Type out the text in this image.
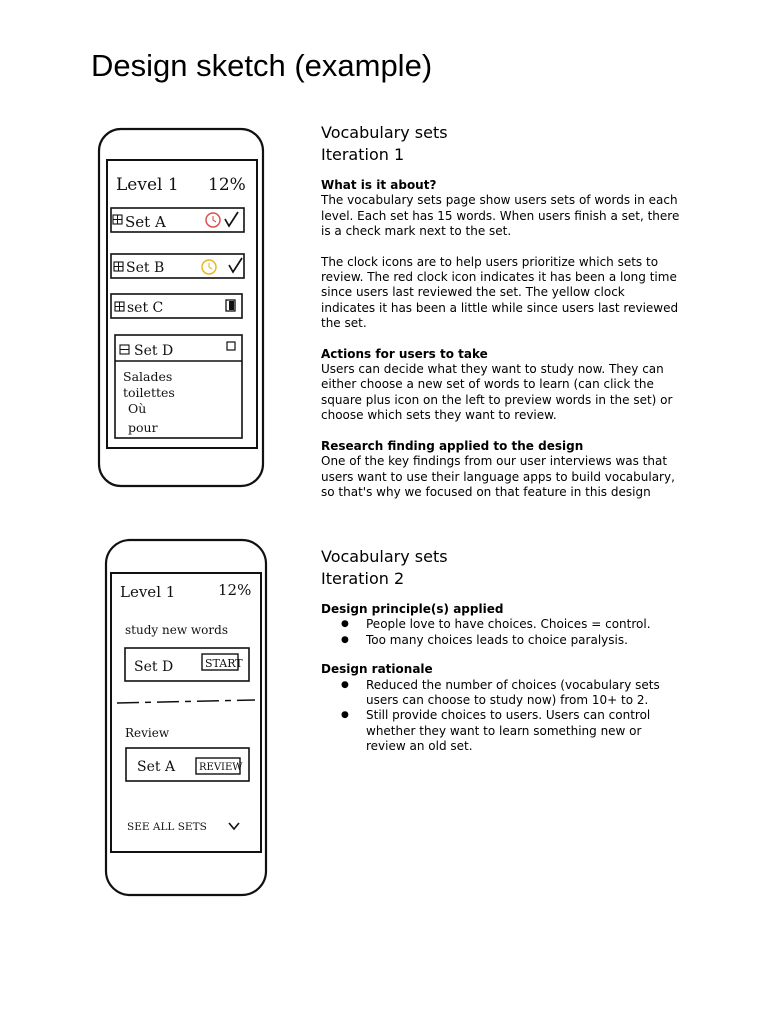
Design sketch (example)
Level 1 12%
Set A
Set B
set C
Set D
Salades
toilettes
Où
pour
Level 1	12%
study new words
Set D	START
Review
Set A REVIEW
SEE ALL SETS
Vocabulary sets
Iteration 1
What is it about?
The vocabulary sets page show users sets of words in each level. Each set has 15 words. When users finish a set, there is a check mark next to the set.
The clock icons are to help users prioritize which sets to review. The red clock icon indicates it has been a long time since users last reviewed the set. The yellow clock indicates it has been a little while since users last reviewed the set.
Actions for users to take
Users can decide what they want to study now. They can either choose a new set of words to learn (can click the square plus icon on the left to preview words in the set) or choose which sets they want to review.
Research finding applied to the design
One of the key findings from our user interviews was that users want to use their language apps to build vocabulary, so that's why we focused on that feature in this design
Vocabulary sets
Iteration 2
Design principle(s) applied
● People love to have choices. Choices = control.
● Too many choices leads to choice paralysis.
Design rationale
● Reduced the number of choices (vocabulary sets users can choose to study now) from 10+ to 2.
● Still provide choices to users. Users can control whether they want to learn something new or review an old set.
